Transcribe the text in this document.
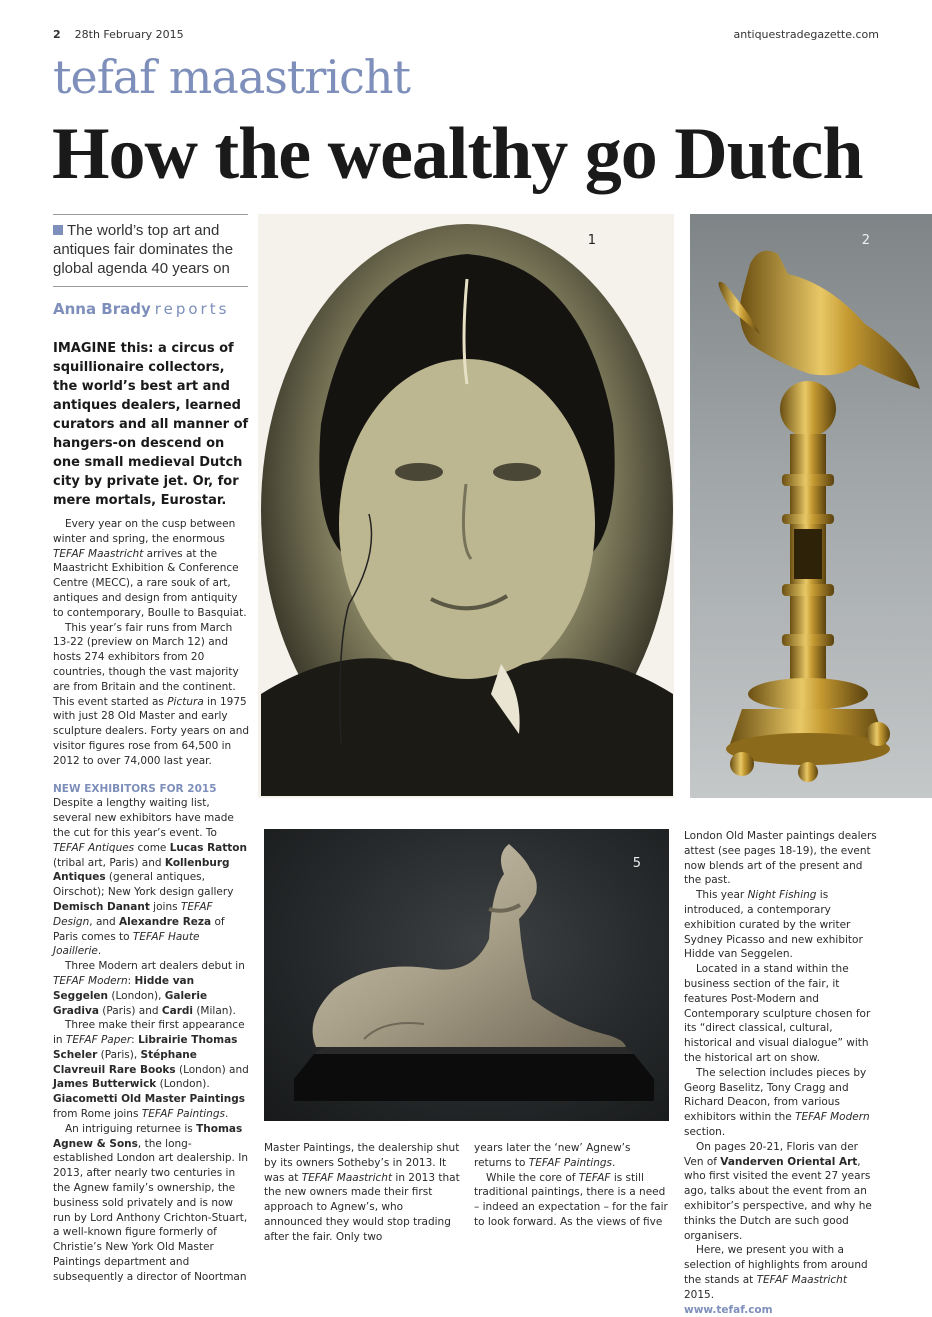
2 28th February 2015	antiquestradegazette.com
tefaf maastricht
How the wealthy go Dutch
The world’s top art and antiques fair dominates the global agenda 40 years on
Anna Brady reports
IMAGINE this: a circus of squillionaire collectors, the world’s best art and antiques dealers, learned curators and all manner of hangers-on descend on one small medieval Dutch city by private jet. Or, for mere mortals, Eurostar.

Every year on the cusp between winter and spring, the enormous TEFAF Maastricht arrives at the Maastricht Exhibition & Conference Centre (MECC), a rare souk of art, antiques and design from antiquity to contemporary, Boulle to Basquiat.

This year’s fair runs from March 13-22 (preview on March 12) and hosts 274 exhibitors from 20 countries, though the vast majority are from Britain and the continent. This event started as Pictura in 1975 with just 28 Old Master and early sculpture dealers. Forty years on and visitor figures rose from 64,500 in 2012 to over 74,000 last year.

NEW EXHIBITORS FOR 2015

Despite a lengthy waiting list, several new exhibitors have made the cut for this year’s event. To TEFAF Antiques come Lucas Ratton (tribal art, Paris) and Kollenburg Antiques (general antiques, Oirschot); New York design gallery Demisch Danant joins TEFAF Design, and Alexandre Reza of Paris comes to TEFAF Haute Joaillerie.

Three Modern art dealers debut in TEFAF Modern: Hidde van Seggelen (London), Galerie Gradiva (Paris) and Cardi (Milan).

Three make their first appearance in TEFAF Paper: Librairie Thomas Scheler (Paris), Stéphane Clavreuil Rare Books (London) and James Butterwick (London). Giacometti Old Master Paintings from Rome joins TEFAF Paintings.

An intriguing returnee is Thomas Agnew & Sons, the long-established London art dealership. In 2013, after nearly two centuries in the Agnew family’s ownership, the business sold privately and is now run by Lord Anthony Crichton-Stuart, a well-known figure formerly of Christie’s New York Old Master Paintings department and subsequently a director of Noortman

1	2
5

Master Paintings, the dealership shut by its owners Sotheby’s in 2013. It was at TEFAF Maastricht in 2013 that the new owners made their first approach to Agnew’s, who announced they would stop trading after the fair. Only two

years later the ‘new’ Agnew’s returns to TEFAF Paintings.

While the core of TEFAF is still traditional paintings, there is a need – indeed an expectation – for the fair to look forward. As the views of five

London Old Master paintings dealers attest (see pages 18-19), the event now blends art of the present and the past.

This year Night Fishing is introduced, a contemporary exhibition curated by the writer Sydney Picasso and new exhibitor Hidde van Seggelen.

Located in a stand within the business section of the fair, it features Post-Modern and Contemporary sculpture chosen for its “direct classical, cultural, historical and visual dialogue” with the historical art on show.

The selection includes pieces by Georg Baselitz, Tony Cragg and Richard Deacon, from various exhibitors within the TEFAF Modern section.

On pages 20-21, Floris van der Ven of Vanderven Oriental Art, who first visited the event 27 years ago, talks about the event from an exhibitor’s perspective, and why he thinks the Dutch are such good organisers.

Here, we present you with a selection of highlights from around the stands at TEFAF Maastricht 2015.

www.tefaf.com
